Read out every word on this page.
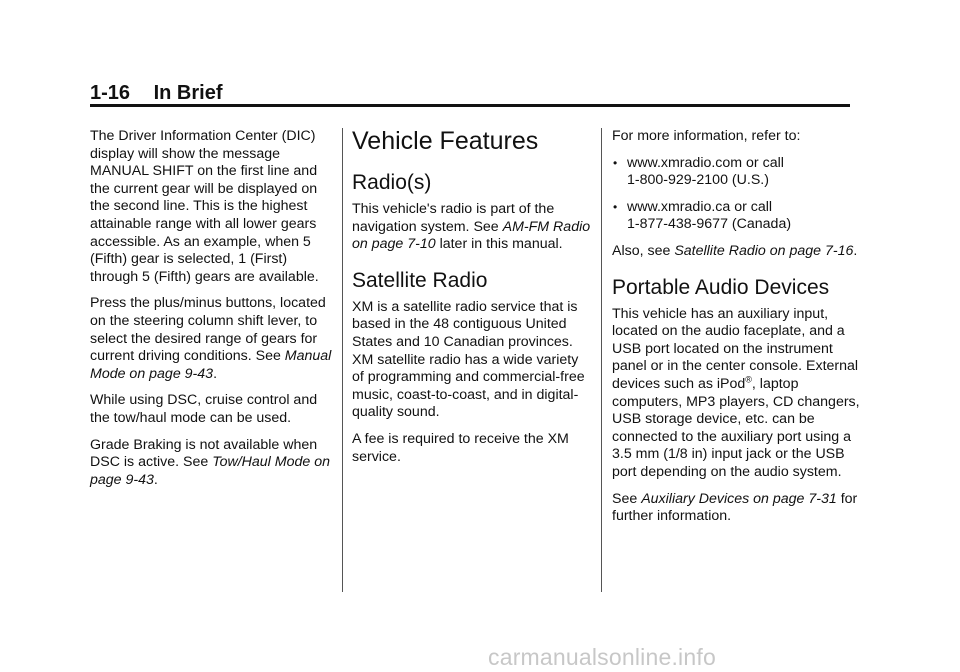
1-16 In Brief

The Driver Information Center (DIC) display will show the message MANUAL SHIFT on the first line and the current gear will be displayed on the second line. This is the highest attainable range with all lower gears accessible. As an example, when 5 (Fifth) gear is selected, 1 (First) through 5 (Fifth) gears are available.

Press the plus/minus buttons, located on the steering column shift lever, to select the desired range of gears for current driving conditions. See Manual Mode on page 9-43.

While using DSC, cruise control and the tow/haul mode can be used.

Grade Braking is not available when DSC is active. See Tow/Haul Mode on page 9-43.

Vehicle Features
Radio(s)

This vehicle's radio is part of the navigation system. See AM-FM Radio on page 7-10 later in this manual.

Satellite Radio

XM is a satellite radio service that is based in the 48 contiguous United States and 10 Canadian provinces. XM satellite radio has a wide variety of programming and commercial-free music, coast-to-coast, and in digital-quality sound.

A fee is required to receive the XM service.

For more information, refer to:

• www.xmradio.com or call
1-800-929-2100 (U.S.)
• www.xmradio.ca or call
1-877-438-9677 (Canada)

Also, see Satellite Radio on page 7-16.

Portable Audio Devices

This vehicle has an auxiliary input, located on the audio faceplate, and a USB port located on the instrument panel or in the center console. External devices such as iPod®, laptop computers, MP3 players, CD changers, USB storage device, etc. can be connected to the auxiliary port using a 3.5 mm (1/8 in) input jack or the USB port depending on the audio system.

See Auxiliary Devices on page 7-31 for further information.

carmanualsonline.info
